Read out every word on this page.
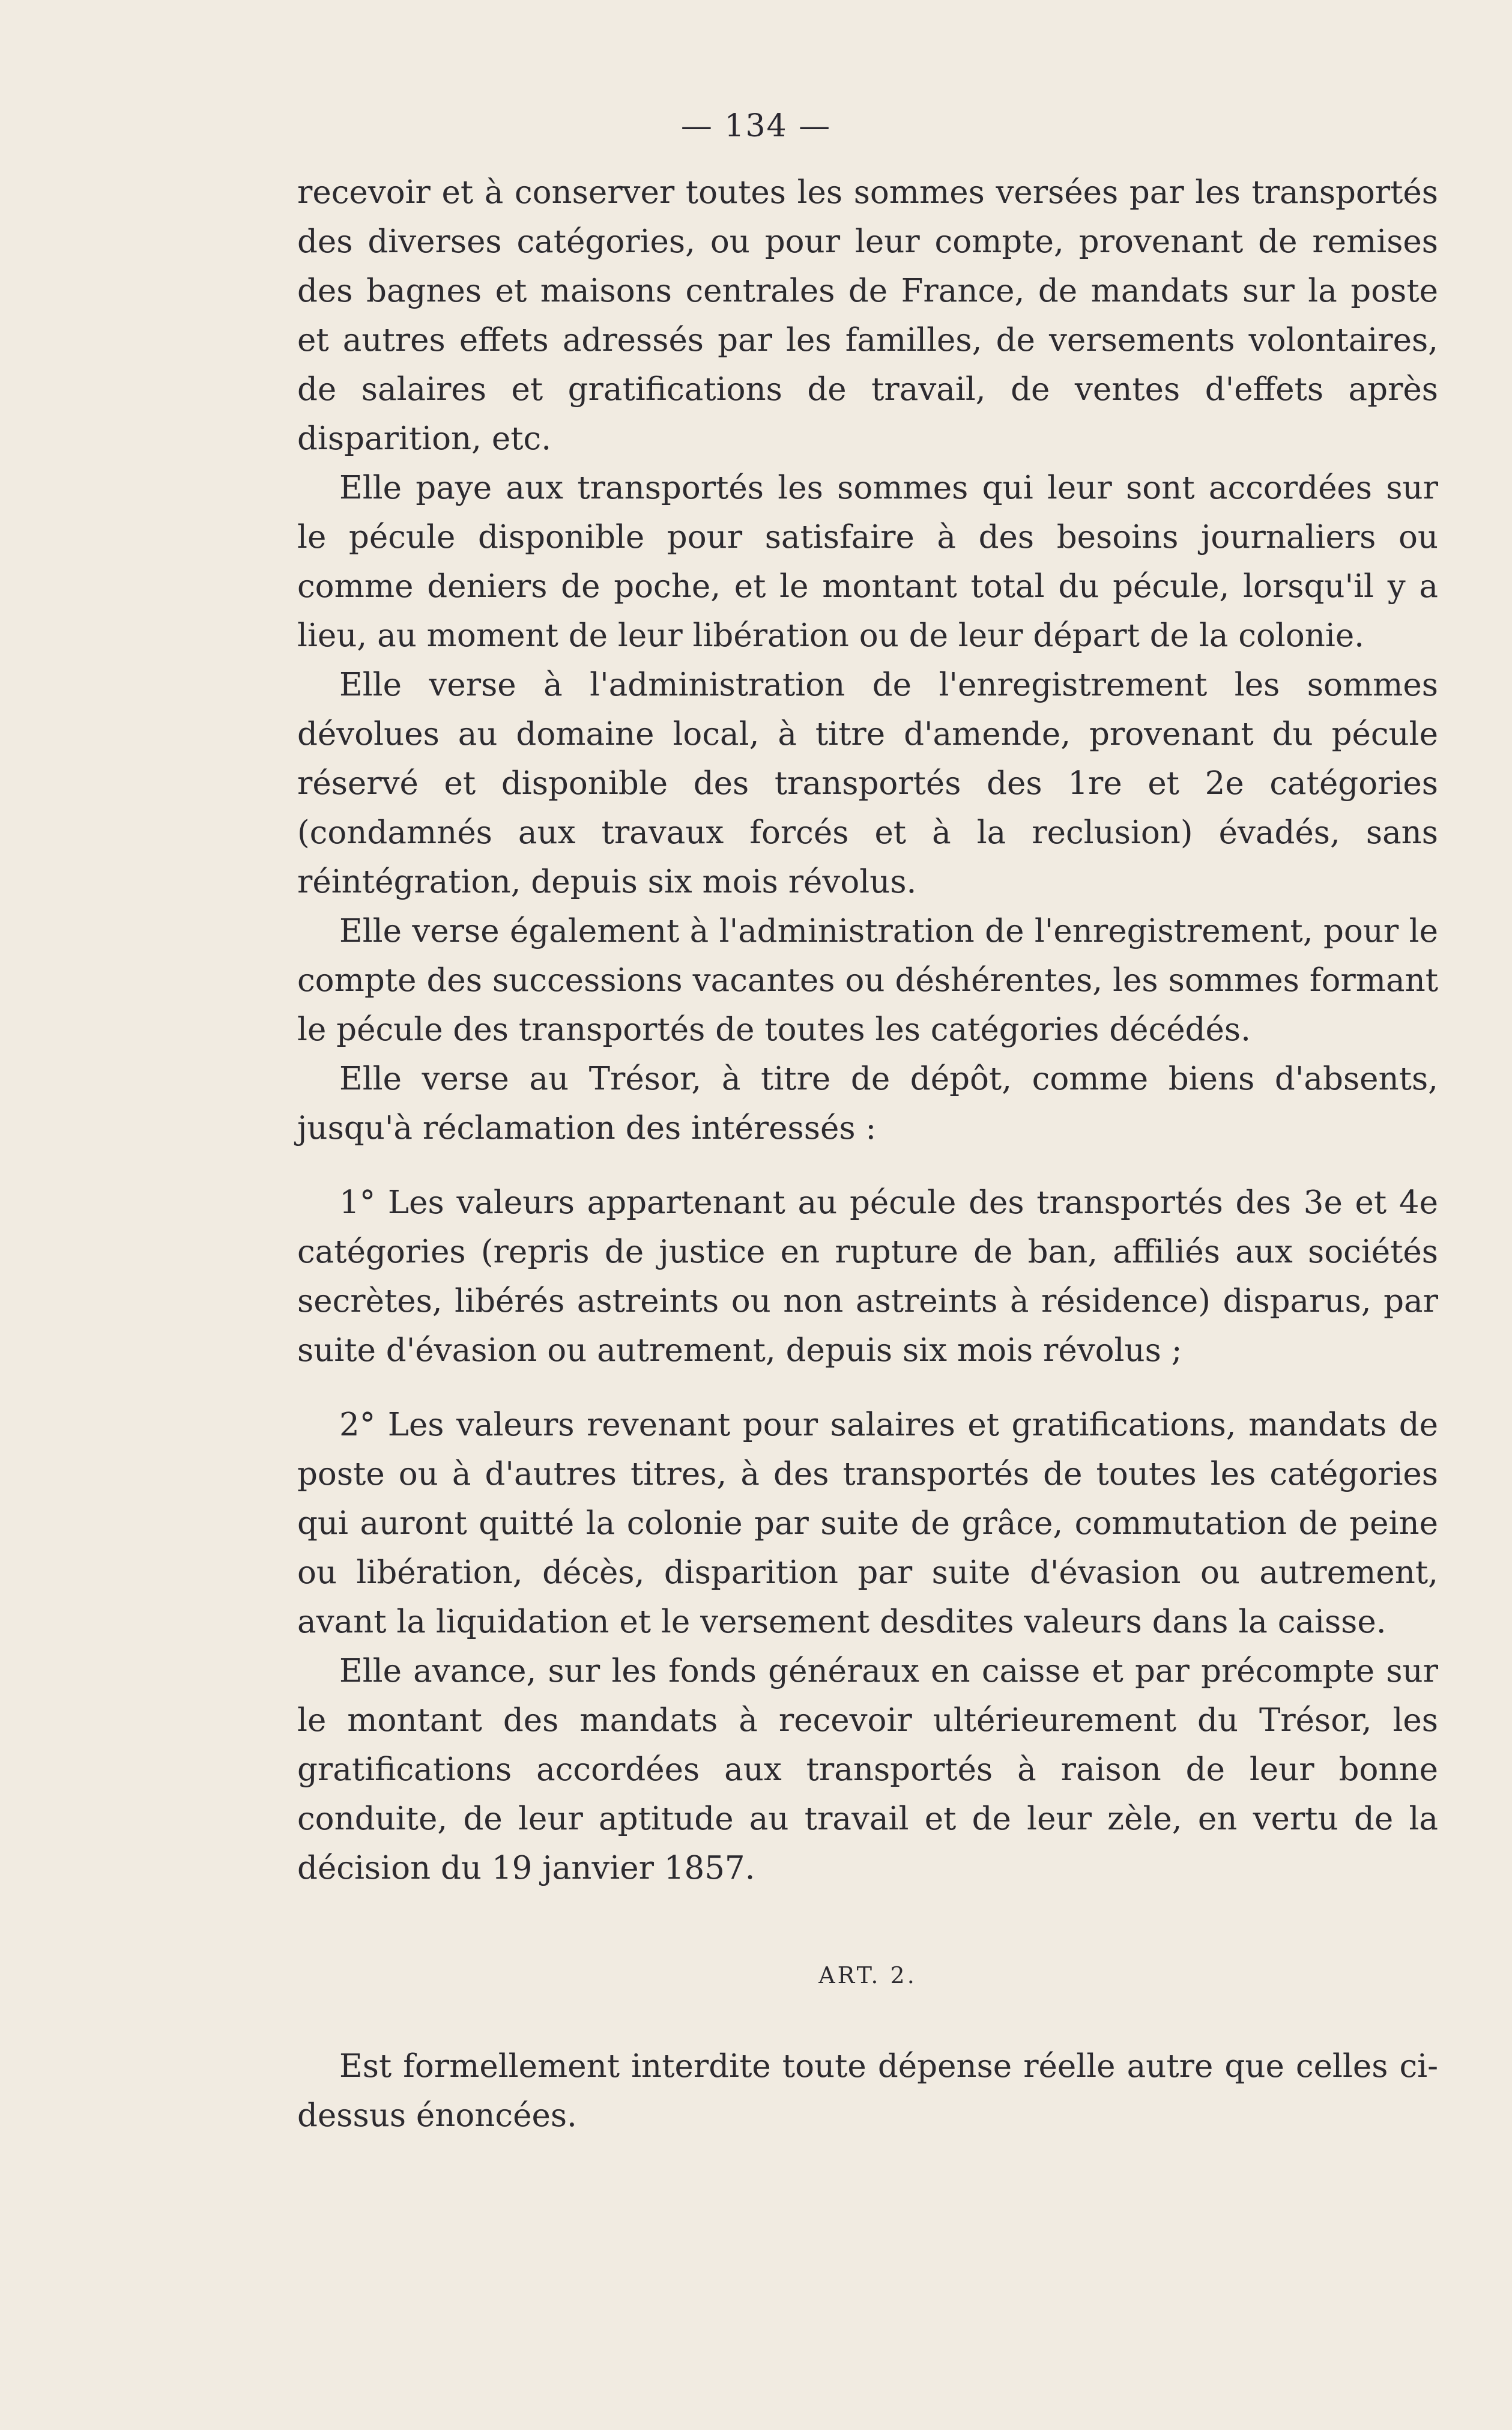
— 134 —

recevoir et à conserver toutes les sommes versées par les transportés des diverses catégories, ou pour leur compte, provenant de remises des bagnes et maisons centrales de France, de mandats sur la poste et autres effets adressés par les familles, de versements volontaires, de salaires et gratifications de travail, de ventes d'effets après disparition, etc.

Elle paye aux transportés les sommes qui leur sont accordées sur le pécule disponible pour satisfaire à des besoins journaliers ou comme deniers de poche, et le montant total du pécule, lorsqu'il y a lieu, au moment de leur libération ou de leur départ de la colonie.

Elle verse à l'administration de l'enregistrement les sommes dévolues au domaine local, à titre d'amende, provenant du pécule réservé et disponible des transportés des 1re et 2e catégories (condamnés aux travaux forcés et à la reclusion) évadés, sans réintégration, depuis six mois révolus.

Elle verse également à l'administration de l'enregistrement, pour le compte des successions vacantes ou déshérentes, les sommes formant le pécule des transportés de toutes les catégories décédés.

Elle verse au Trésor, à titre de dépôt, comme biens d'absents, jusqu'à réclamation des intéressés :

1° Les valeurs appartenant au pécule des transportés des 3e et 4e catégories (repris de justice en rupture de ban, affiliés aux sociétés secrètes, libérés astreints ou non astreints à résidence) disparus, par suite d'évasion ou autrement, depuis six mois révolus ;

2° Les valeurs revenant pour salaires et gratifications, mandats de poste ou à d'autres titres, à des transportés de toutes les catégories qui auront quitté la colonie par suite de grâce, commutation de peine ou libération, décès, disparition par suite d'évasion ou autrement, avant la liquidation et le versement desdites valeurs dans la caisse.

Elle avance, sur les fonds généraux en caisse et par précompte sur le montant des mandats à recevoir ultérieurement du Trésor, les gratifications accordées aux transportés à raison de leur bonne conduite, de leur aptitude au travail et de leur zèle, en vertu de la décision du 19 janvier 1857.

ART. 2.

Est formellement interdite toute dépense réelle autre que celles ci-dessus énoncées.
